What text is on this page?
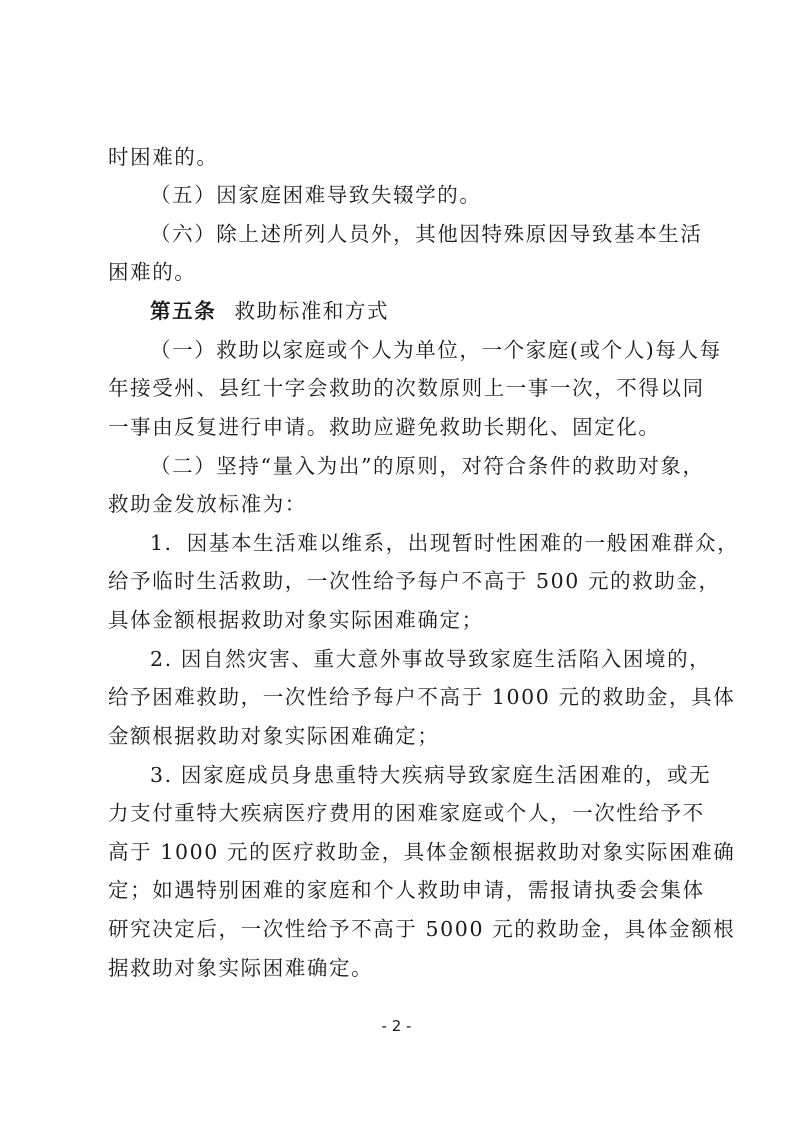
时困难的。
（五）因家庭困难导致失辍学的。
（六）除上述所列人员外，其他因特殊原因导致基本生活
困难的。
第五条 救助标准和方式
（一）救助以家庭或个人为单位，一个家庭(或个人)每人每
年接受州、县红十字会救助的次数原则上一事一次，不得以同
一事由反复进行申请。救助应避免救助长期化、固定化。
（二）坚持“量入为出”的原则，对符合条件的救助对象，
救助金发放标准为：
1．因基本生活难以维系，出现暂时性困难的一般困难群众，
给予临时生活救助，一次性给予每户不高于 500 元的救助金，
具体金额根据救助对象实际困难确定；
2. 因自然灾害、重大意外事故导致家庭生活陷入困境的，
给予困难救助，一次性给予每户不高于 1000 元的救助金，具体
金额根据救助对象实际困难确定；
3. 因家庭成员身患重特大疾病导致家庭生活困难的，或无
力支付重特大疾病医疗费用的困难家庭或个人，一次性给予不
高于 1000 元的医疗救助金，具体金额根据救助对象实际困难确
定；如遇特别困难的家庭和个人救助申请，需报请执委会集体
研究决定后，一次性给予不高于 5000 元的救助金，具体金额根
据救助对象实际困难确定。
- 2 -
